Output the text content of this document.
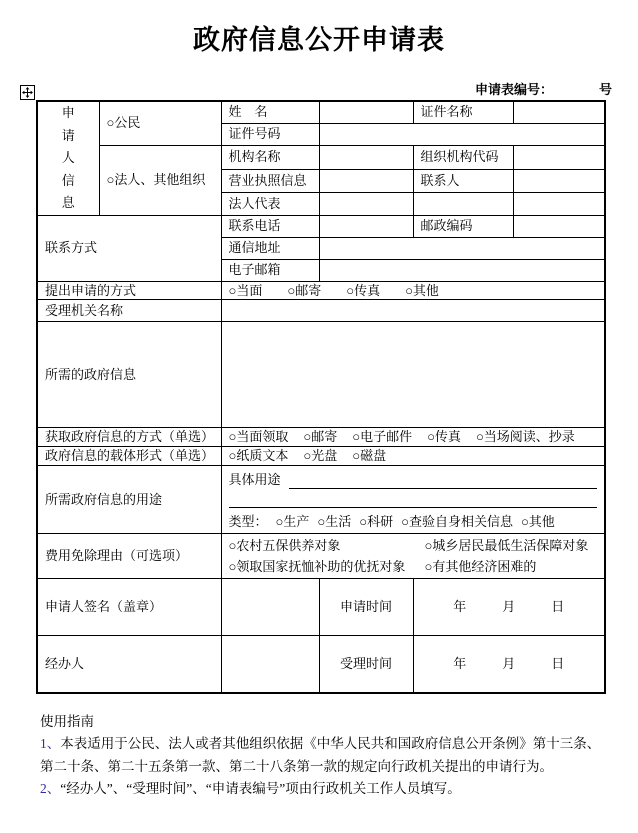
政府信息公开申请表
申请表编号：	号
申请人信息	○公民	姓　名		证件名称	
		证件号码			
	○法人、其他组织	机构名称		组织机构代码	
		营业执照信息		联系人	
		法人代表			
联系方式		联系电话		邮政编码	
		通信地址			
		电子邮箱			
提出申请的方式		○当面 ○邮寄 ○传真 ○其他			

受理机关名称					
所需的政府信息					
获取政府信息的方式（单选）		○当面领取 ○邮寄 ○电子邮件 ○传真 ○当场阅读、抄录			

政府信息的载体形式（单选）		○纸质文本 ○光盘 ○磁盘			

所需政府信息的用途	
具体用途
类型： ○生产 ○生活 ○科研 ○查验自身相关信息 ○其他

费用免除理由（可选项）		○农村五保供养对象 ○城乡居民最低生活保障对象
○领取国家抚恤补助的优抚对象 ○有其他经济困难的			

申请人签名（盖章）			申请时间	年 月 日	

经办人			受理时间	年 月 日	

使用指南

1、本表适用于公民、法人或者其他组织依据《中华人民共和国政府信息公开条例》第十三条、第二十条、第二十五条第一款、第二十八条第一款的规定向行政机关提出的申请行为。

2、“经办人”、“受理时间”、“申请表编号”项由行政机关工作人员填写。
